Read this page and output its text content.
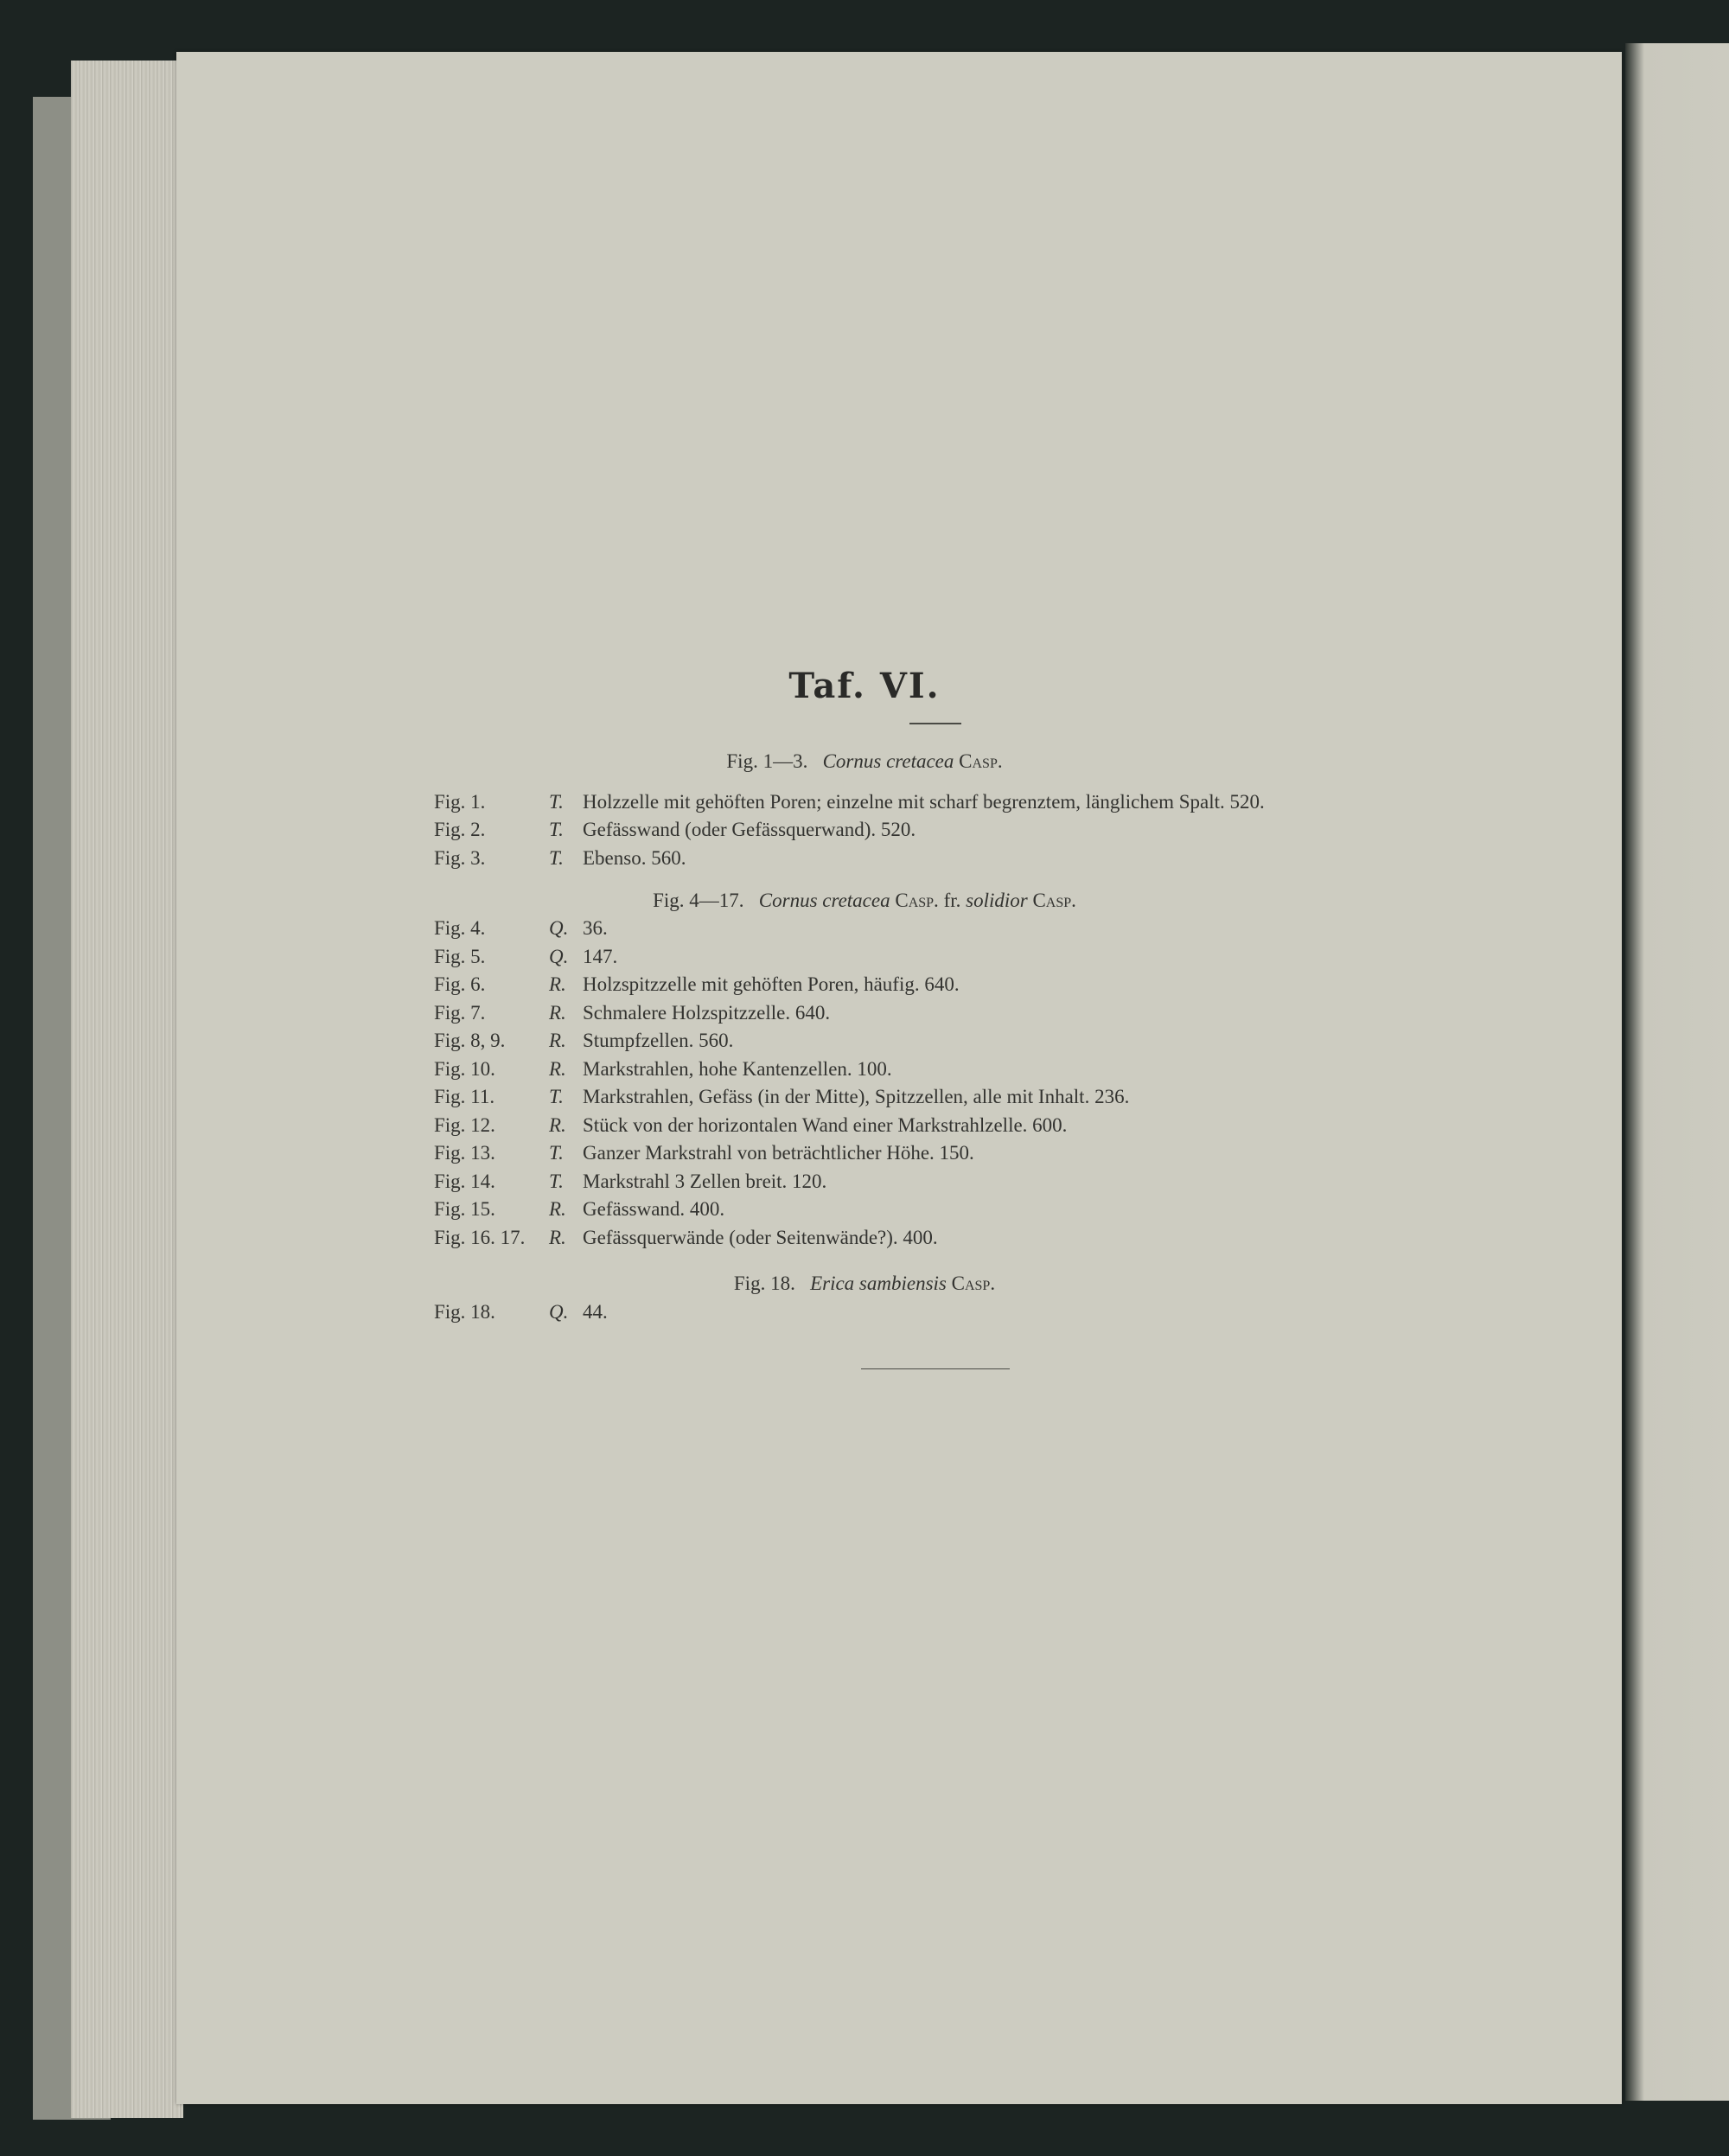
Taf. VI.
Fig. 1—3. Cornus cretacea Casp.
Fig. 1.	T. Holzzelle mit gehöften Poren; einzelne mit scharf begrenztem, länglichem Spalt. 520.
Fig. 2.	T. Gefässwand (oder Gefässquerwand). 520.
Fig. 3.	T. Ebenso. 560.
Fig. 4—17. Cornus cretacea Casp. fr. solidior Casp.
Fig. 4.	Q. 36.
Fig. 5.	Q. 147.
Fig. 6.	R. Holzspitzzelle mit gehöften Poren, häufig. 640.
Fig. 7.	R. Schmalere Holzspitzzelle. 640.
Fig. 8, 9. R. Stumpfzellen. 560.
Fig. 10.	R. Markstrahlen, hohe Kantenzellen. 100.
Fig. 11.	T. Markstrahlen, Gefäss (in der Mitte), Spitzzellen, alle mit Inhalt. 236.
Fig. 12.	R. Stück von der horizontalen Wand einer Markstrahlzelle. 600.
Fig. 13.	T. Ganzer Markstrahl von beträchtlicher Höhe. 150.
Fig. 14.	T. Markstrahl 3 Zellen breit. 120.
Fig. 15.	R. Gefässwand. 400.
Fig. 16. 17. R. Gefässquerwände (oder Seitenwände?). 400.
Fig. 18. Erica sambiensis Casp.
Fig. 18.	Q. 44.
